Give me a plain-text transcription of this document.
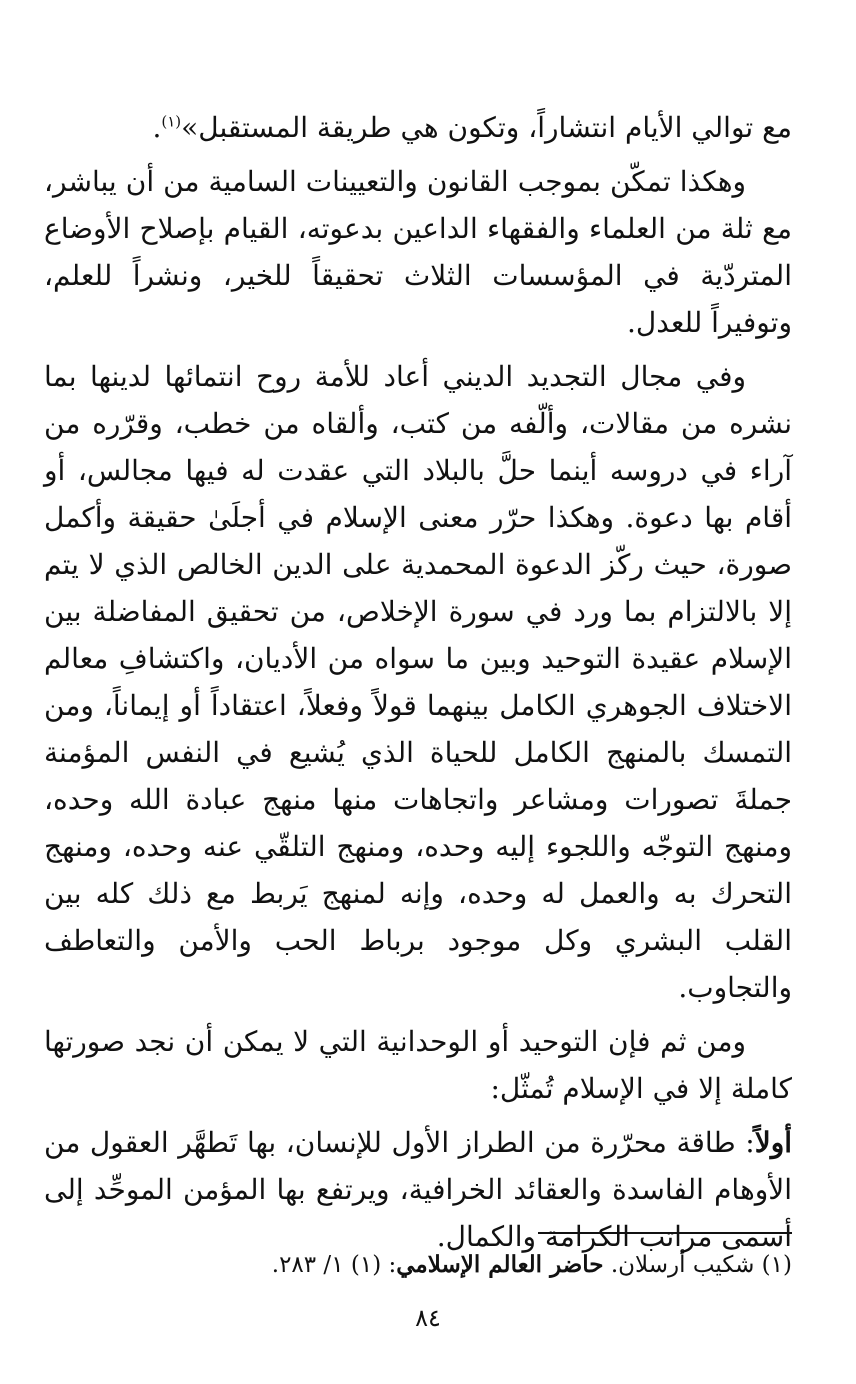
مع توالي الأيام انتشاراً، وتكون هي طريقة المستقبل»$^{(١)}$.

وهكذا تمكّن بموجب القانون والتعيينات السامية من أن يباشر، مع ثلة من العلماء والفقهاء الداعين بدعوته، القيام بإصلاح الأوضاع المتردّية في المؤسسات الثلاث تحقيقاً للخير، ونشراً للعلم، وتوفيراً للعدل.

وفي مجال التجديد الديني أعاد للأمة روح انتمائها لدينها بما نشره من مقالات، وألّفه من كتب، وألقاه من خطب، وقرّره من آراء في دروسه أينما حلَّ بالبلاد التي عقدت له فيها مجالس، أو أقام بها دعوة. وهكذا حرّر معنى الإسلام في أجلَىٰ حقيقة وأكمل صورة، حيث ركّز الدعوة المحمدية على الدين الخالص الذي لا يتم إلا بالالتزام بما ورد في سورة الإخلاص، من تحقيق المفاضلة بين الإسلام عقيدة التوحيد وبين ما سواه من الأديان، واكتشافِ معالم الاختلاف الجوهري الكامل بينهما قولاً وفعلاً، اعتقاداً أو إيماناً، ومن التمسك بالمنهج الكامل للحياة الذي يُشيع في النفس المؤمنة جملةَ تصورات ومشاعر واتجاهات منها منهج عبادة الله وحده، ومنهج التوجّه واللجوء إليه وحده، ومنهج التلقّي عنه وحده، ومنهج التحرك به والعمل له وحده، وإنه لمنهج يَربط مع ذلك كله بين القلب البشري وكل موجود برباط الحب والأمن والتعاطف والتجاوب.

ومن ثم فإن التوحيد أو الوحدانية التي لا يمكن أن نجد صورتها كاملة إلا في الإسلام تُمثّل:

أولاً: طاقة محرّرة من الطراز الأول للإنسان، بها تَطهَّر العقول من الأوهام الفاسدة والعقائد الخرافية، ويرتفع بها المؤمن الموحِّد إلى أسمى مراتب الكرامة والكمال.

(١) شكيب أرسلان. حاضر العالم الإسلامي: (١) ١/ ٢٨٣.

٨٤
